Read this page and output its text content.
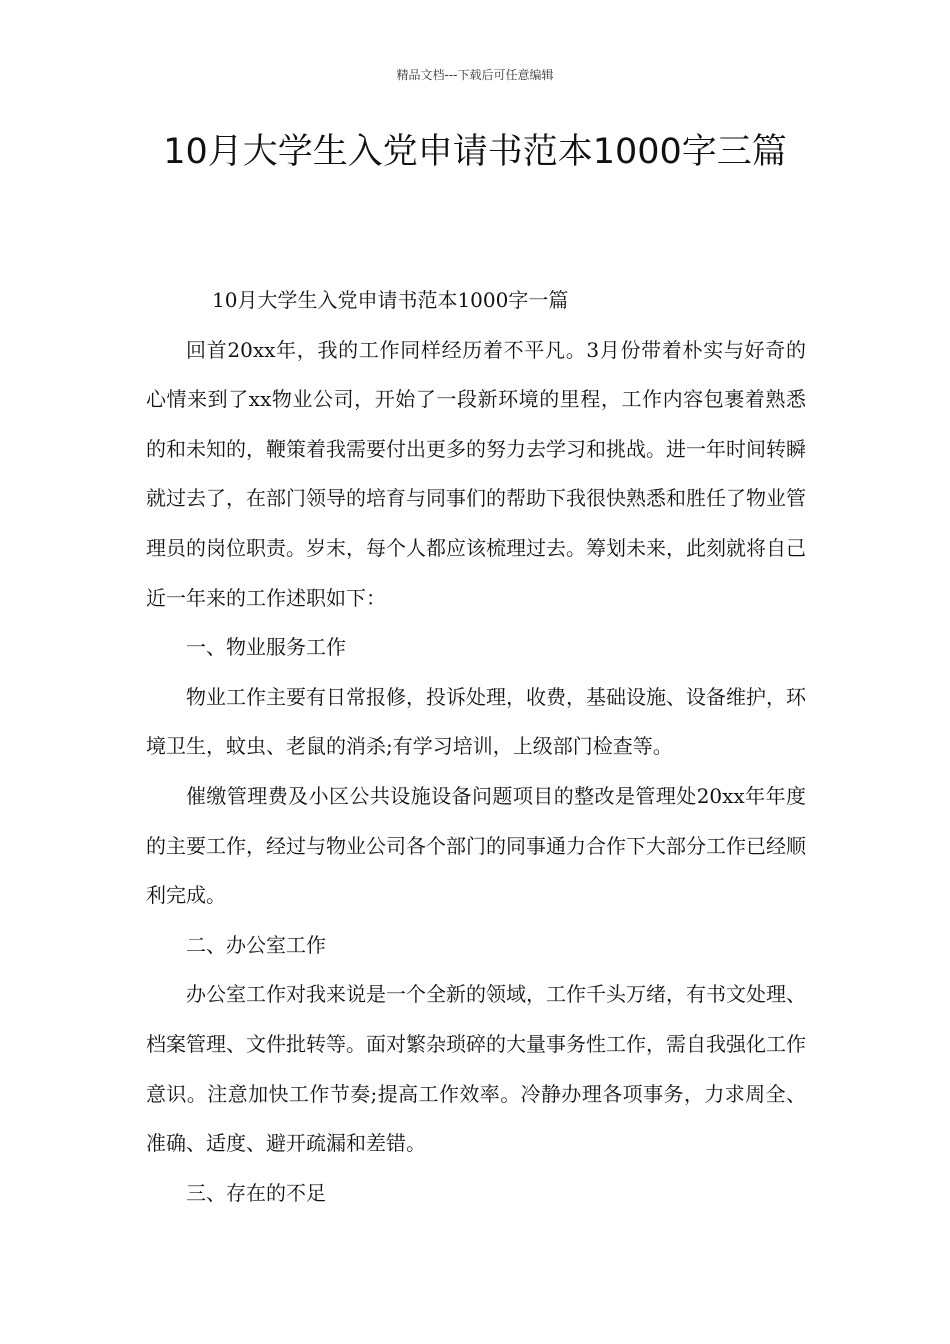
精品文档---下载后可任意编辑
10月大学生入党申请书范本1000字三篇

10月大学生入党申请书范本1000字一篇

回首20xx年，我的工作同样经历着不平凡。3月份带着朴实与好奇的心情来到了xx物业公司，开始了一段新环境的里程，工作内容包裹着熟悉的和未知的，鞭策着我需要付出更多的努力去学习和挑战。进一年时间转瞬就过去了，在部门领导的培育与同事们的帮助下我很快熟悉和胜任了物业管理员的岗位职责。岁末，每个人都应该梳理过去。筹划未来，此刻就将自己近一年来的工作述职如下：

一、物业服务工作

物业工作主要有日常报修，投诉处理，收费，基础设施、设备维护，环境卫生，蚊虫、老鼠的消杀;有学习培训，上级部门检查等。

催缴管理费及小区公共设施设备问题项目的整改是管理处20xx年年度的主要工作，经过与物业公司各个部门的同事通力合作下大部分工作已经顺利完成。

二、办公室工作

办公室工作对我来说是一个全新的领域，工作千头万绪，有书文处理、档案管理、文件批转等。面对繁杂琐碎的大量事务性工作，需自我强化工作意识。注意加快工作节奏;提高工作效率。冷静办理各项事务，力求周全、准确、适度、避开疏漏和差错。

三、存在的不足
